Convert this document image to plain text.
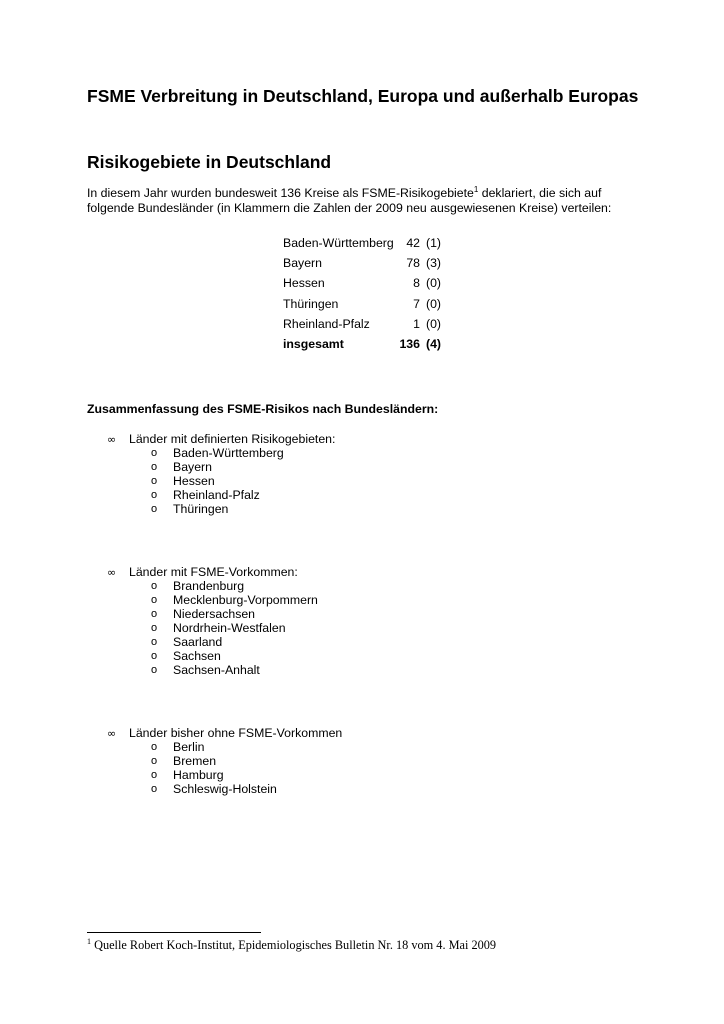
FSME Verbreitung in Deutschland, Europa und außerhalb Europas
Risikogebiete in Deutschland
In diesem Jahr wurden bundesweit 136 Kreise als FSME-Risikogebiete$^1$ deklariert, die sich auf
folgende Bundesländer (in Klammern die Zahlen der 2009 neu ausgewiesenen Kreise) verteilen:
Baden-Württemberg	42	(1)
Bayern	78	(3)
Hessen	8	(0)
Thüringen	7	(0)
Rheinland-Pfalz	1	(0)
insgesamt	136	(4)
Zusammenfassung des FSME-Risikos nach Bundesländern:
∞ Länder mit definierten Risikogebieten:
o Baden-Württemberg
o Bayern
o Hessen
o Rheinland-Pfalz
o Thüringen
∞ Länder mit FSME-Vorkommen:
o Brandenburg
o Mecklenburg-Vorpommern
o Niedersachsen
o Nordrhein-Westfalen
o Saarland
o Sachsen
o Sachsen-Anhalt
∞ Länder bisher ohne FSME-Vorkommen
o Berlin
o Bremen
o Hamburg
o Schleswig-Holstein
$^1$ Quelle Robert Koch-Institut, Epidemiologisches Bulletin Nr. 18 vom 4. Mai 2009
